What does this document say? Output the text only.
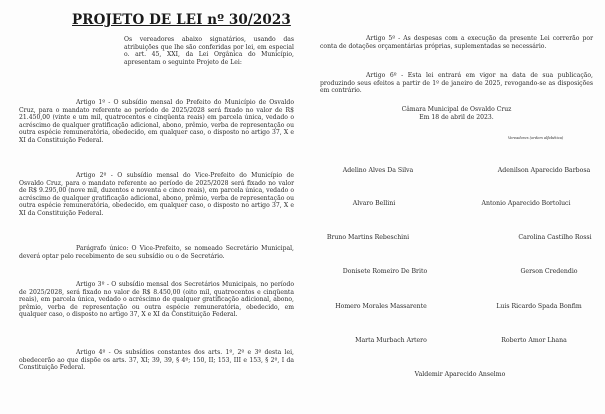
PROJETO DE LEI nº 30/2023
Os vereadores abaixo signatários, usando das atribuições que lhe são conferidas por lei, em especial o. art. 45, XXI, da Lei Orgânica do Município, apresentam o seguinte Projeto de Lei:
Artigo 1º - O subsídio mensal do Prefeito do Município de Osvaldo Cruz, para o mandato referente ao período de 2025/2028 será fixado no valor de R$ 21.450,00 (vinte e um mil, quatrocentos e cinqüenta reais) em parcela única, vedado o acréscimo de qualquer gratificação adicional, abono, prêmio, verba de representação ou outra espécie remuneratória, obedecido, em qualquer caso, o disposto no artigo 37, X e XI da Constituição Federal.
Artigo 2º - O subsídio mensal do Vice-Prefeito do Município de Osvaldo Cruz, para o mandato referente ao período de 2025/2028 será fixado no valor de R$ 9.295,00 (nove mil, duzentos e noventa e cinco reais), em parcela única, vedado o acréscimo de qualquer gratificação adicional, abono, prêmio, verba de representação ou outra espécie remuneratória, obedecido, em qualquer caso, o disposto no artigo 37, X e XI da Constituição Federal.
Parágrafo único: O Vice-Prefeito, se nomeado Secretário Municipal, deverá optar pelo recebimento de seu subsídio ou o de Secretário.
Artigo 3º - O subsídio mensal dos Secretários Municipais, no período de 2025/2028, será fixado no valor de R$ 8.450,00 (oito mil, quatrocentos e cinqüenta reais), em parcela única, vedado o acréscimo de qualquer gratificação adicional, abono, prêmio, verba de representação ou outra espécie remuneratória, obedecido, em qualquer caso, o disposto no artigo 37, X e XI da Constituição Federal.
Artigo 4º - Os subsídios constantes dos arts. 1º, 2º e 3º desta lei, obedecerão ao que dispõe os arts. 37, XI; 39, 39, § 4º; 150, II; 153, III e 153, § 2º, I da Constituição Federal.
Artigo 5º - As despesas com a execução da presente Lei correrão por conta de dotações orçamentárias próprias, suplementadas se necessário.
Artigo 6º - Esta lei entrará em vigor na data de sua publicação, produzindo seus efeitos a partir de 1º de janeiro de 2025, revogando-se as disposições em contrário.
Câmara Municipal de Osvaldo Cruz
Em 18 de abril de 2023.
Vereadores (ordem alfabética)
Adelino Alves Da Silva	Adenilson Aparecido Barbosa
Alvaro Bellini	Antonio Aparecido Bortoluci
Bruno Martins Rebeschini	Carolina Castilho Rossi
Donisete Romeiro De Brito	Gerson Credendio
Homero Morales Massarente	Luis Ricardo Spada Bonfim
Marta Murbach Artero	Roberto Amor Lhana
Valdemir Aparecido Anselmo
